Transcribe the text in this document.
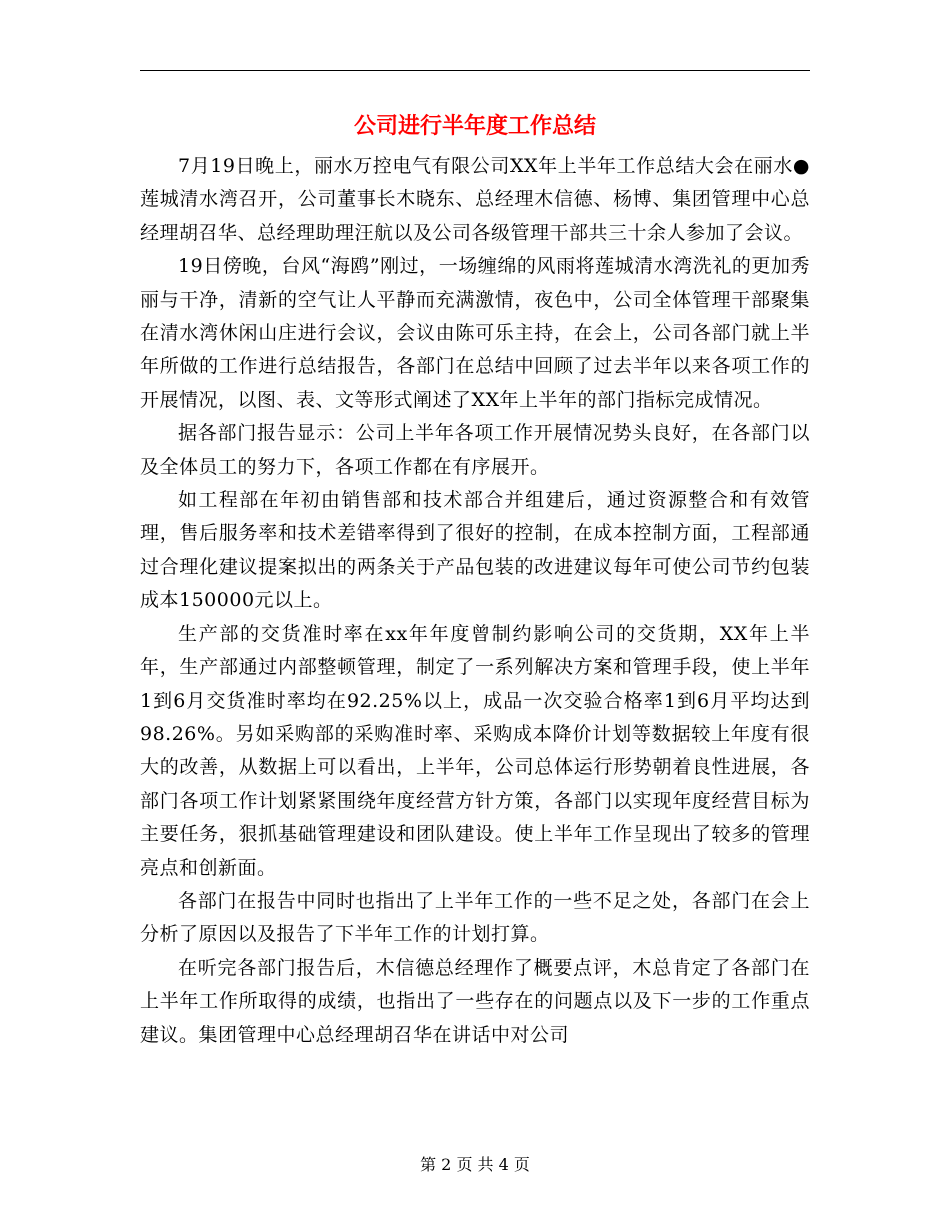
公司进行半年度工作总结

7月19日晚上，丽水万控电气有限公司XX年上半年工作总结大会在丽水●莲城清水湾召开，公司董事长木晓东、总经理木信德、杨博、集团管理中心总经理胡召华、总经理助理汪航以及公司各级管理干部共三十余人参加了会议。

19日傍晚，台风“海鸥”刚过，一场缠绵的风雨将莲城清水湾洗礼的更加秀丽与干净，清新的空气让人平静而充满激情，夜色中，公司全体管理干部聚集在清水湾休闲山庄进行会议，会议由陈可乐主持，在会上，公司各部门就上半年所做的工作进行总结报告，各部门在总结中回顾了过去半年以来各项工作的开展情况，以图、表、文等形式阐述了XX年上半年的部门指标完成情况。

据各部门报告显示：公司上半年各项工作开展情况势头良好，在各部门以及全体员工的努力下，各项工作都在有序展开。

如工程部在年初由销售部和技术部合并组建后，通过资源整合和有效管理，售后服务率和技术差错率得到了很好的控制，在成本控制方面，工程部通过合理化建议提案拟出的两条关于产品包装的改进建议每年可使公司节约包装成本150000元以上。

生产部的交货准时率在xx年年度曾制约影响公司的交货期，XX年上半年，生产部通过内部整顿管理，制定了一系列解决方案和管理手段，使上半年1到6月交货准时率均在92.25%以上，成品一次交验合格率1到6月平均达到98.26%。另如采购部的采购准时率、采购成本降价计划等数据较上年度有很大的改善，从数据上可以看出，上半年，公司总体运行形势朝着良性进展，各部门各项工作计划紧紧围绕年度经营方针方策，各部门以实现年度经营目标为主要任务，狠抓基础管理建设和团队建设。使上半年工作呈现出了较多的管理亮点和创新面。

各部门在报告中同时也指出了上半年工作的一些不足之处，各部门在会上分析了原因以及报告了下半年工作的计划打算。

在听完各部门报告后，木信德总经理作了概要点评，木总肯定了各部门在上半年工作所取得的成绩，也指出了一些存在的问题点以及下一步的工作重点建议。集团管理中心总经理胡召华在讲话中对公司

第 2 页 共 4 页
